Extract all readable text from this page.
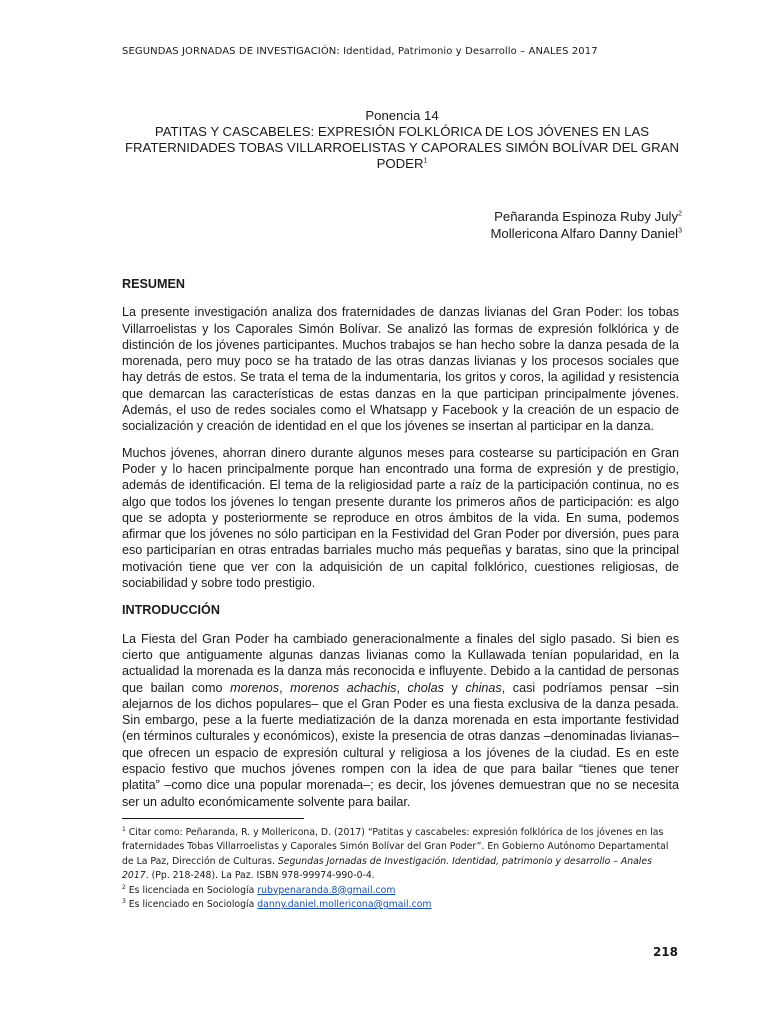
SEGUNDAS JORNADAS DE INVESTIGACIÓN: Identidad, Patrimonio y Desarrollo – ANALES 2017
Ponencia 14
PATITAS Y CASCABELES: EXPRESIÓN FOLKLÓRICA DE LOS JÓVENES EN LAS
FRATERNIDADES TOBAS VILLARROELISTAS Y CAPORALES SIMÓN BOLÍVAR DEL GRAN
PODER$^1$
Peñaranda Espinoza Ruby July$^2$
Mollericona Alfaro Danny Daniel$^3$
RESUMEN

La presente investigación analiza dos fraternidades de danzas livianas del Gran Poder: los tobas Villarroelistas y los Caporales Simón Bolívar. Se analizó las formas de expresión folklórica y de distinción de los jóvenes participantes. Muchos trabajos se han hecho sobre la danza pesada de la morenada, pero muy poco se ha tratado de las otras danzas livianas y los procesos sociales que hay detrás de estos. Se trata el tema de la indumentaria, los gritos y coros, la agilidad y resistencia que demarcan las características de estas danzas en la que participan principalmente jóvenes. Además, el uso de redes sociales como el Whatsapp y Facebook y la creación de un espacio de socialización y creación de identidad en el que los jóvenes se insertan al participar en la danza.

Muchos jóvenes, ahorran dinero durante algunos meses para costearse su participación en Gran Poder y lo hacen principalmente porque han encontrado una forma de expresión y de prestigio, además de identificación. El tema de la religiosidad parte a raíz de la participación continua, no es algo que todos los jóvenes lo tengan presente durante los primeros años de participación: es algo que se adopta y posteriormente se reproduce en otros ámbitos de la vida. En suma, podemos afirmar que los jóvenes no sólo participan en la Festividad del Gran Poder por diversión, pues para eso participarían en otras entradas barriales mucho más pequeñas y baratas, sino que la principal motivación tiene que ver con la adquisición de un capital folklórico, cuestiones religiosas, de sociabilidad y sobre todo prestigio.

INTRODUCCIÓN

La Fiesta del Gran Poder ha cambiado generacionalmente a finales del siglo pasado. Si bien es cierto que antiguamente algunas danzas livianas como la Kullawada tenían popularidad, en la actualidad la morenada es la danza más reconocida e influyente. Debido a la cantidad de personas que bailan como morenos, morenos achachis, cholas y chinas, casi podríamos pensar –sin alejarnos de los dichos populares– que el Gran Poder es una fiesta exclusiva de la danza pesada. Sin embargo, pese a la fuerte mediatización de la danza morenada en esta importante festividad (en términos culturales y económicos), existe la presencia de otras danzas –denominadas livianas– que ofrecen un espacio de expresión cultural y religiosa a los jóvenes de la ciudad. Es en este espacio festivo que muchos jóvenes rompen con la idea de que para bailar “tienes que tener platita” –como dice una popular morenada–; es decir, los jóvenes demuestran que no se necesita ser un adulto económicamente solvente para bailar.

$^1$ Citar como: Peñaranda, R. y Mollericona, D. (2017) “Patitas y cascabeles: expresión folklórica de los jóvenes en las fraternidades Tobas Villarroelistas y Caporales Simón Bolívar del Gran Poder”. En Gobierno Autónomo Departamental de La Paz, Dirección de Culturas. Segundas Jornadas de Investigación. Identidad, patrimonio y desarrollo – Anales 2017. (Pp. 218-248). La Paz. ISBN 978-99974-990-0-4.

$^2$ Es licenciada en Sociología rubypenaranda.8@gmail.com

$^3$ Es licenciado en Sociología danny.daniel.mollericona@gmail.com

218
